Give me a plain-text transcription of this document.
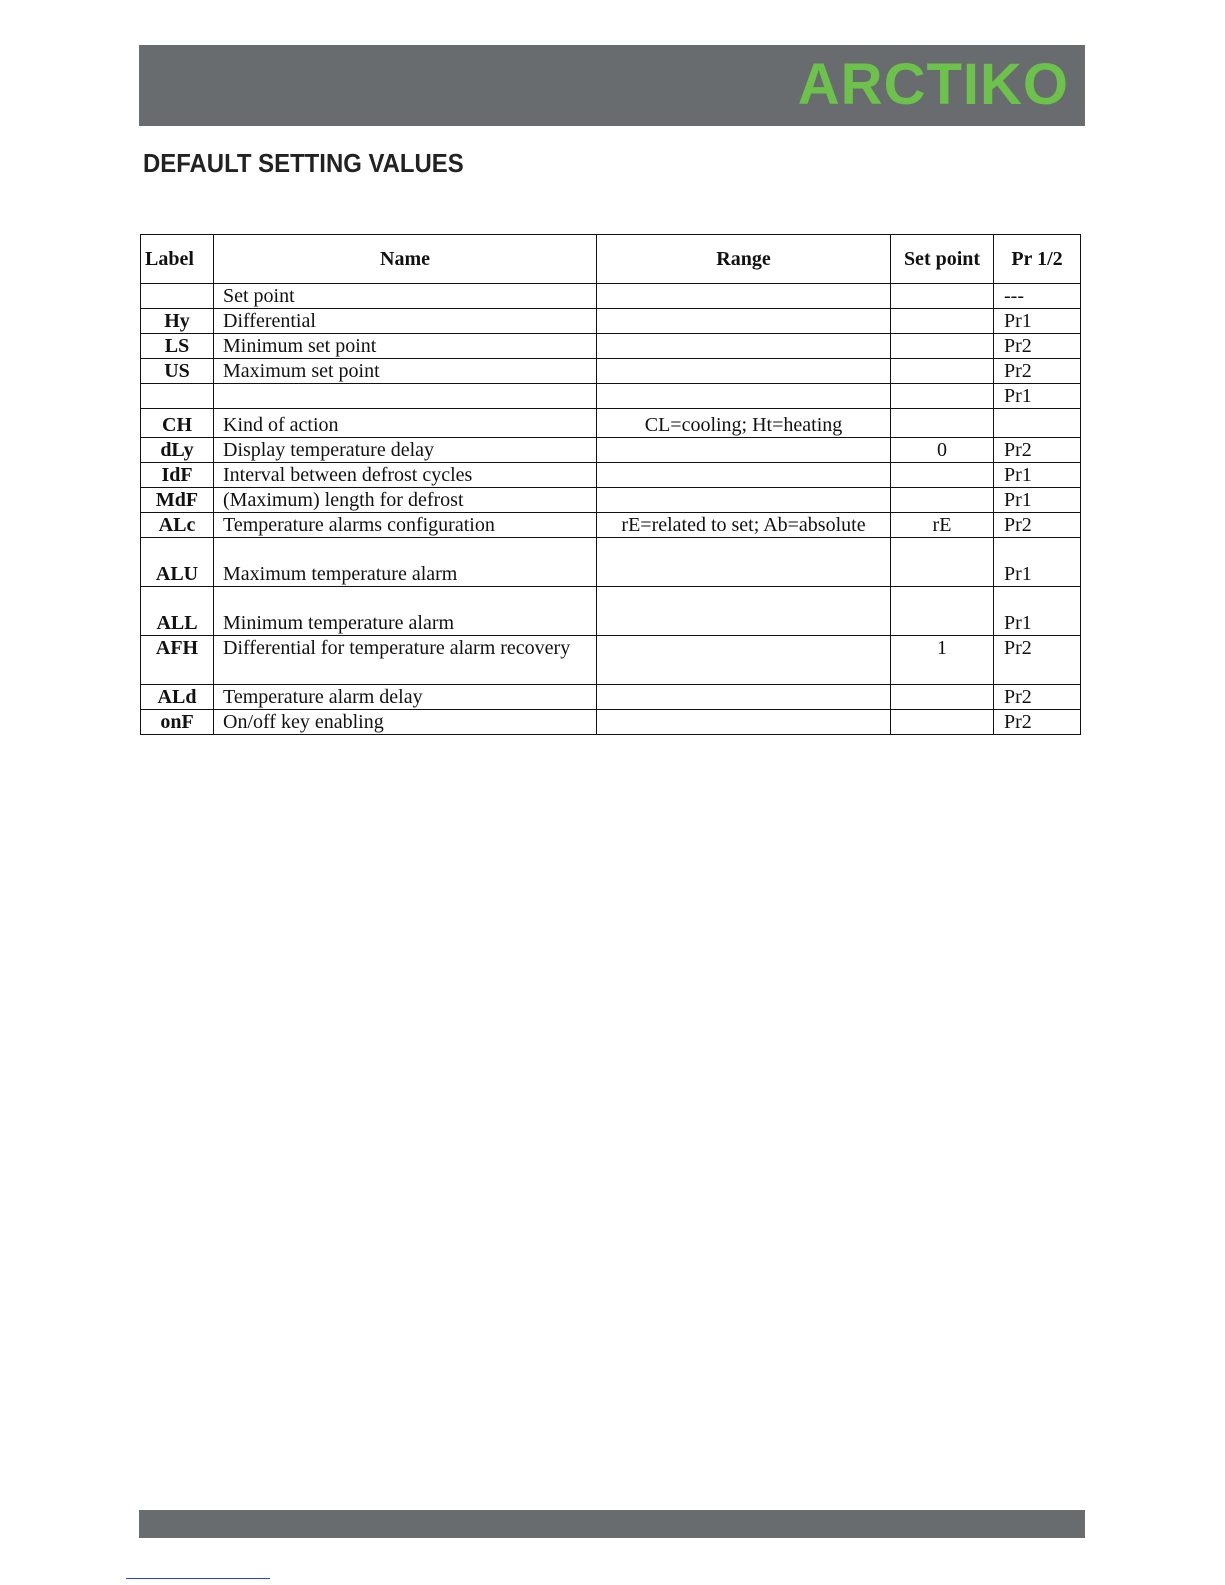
ARCTIKO
DEFAULT SETTING VALUES
Label	Name	Range	Set point	Pr 1/2
	Set point			---
Hy	Differential			Pr1
LS	Minimum set point			Pr2
US	Maximum set point			Pr2
				Pr1
CH	Kind of action	CL=cooling; Ht=heating		
dLy	Display temperature delay		0	Pr2
IdF	Interval between defrost cycles			Pr1
MdF	(Maximum) length for defrost			Pr1
ALc	Temperature alarms configuration	rE=related to set; Ab=absolute	rE	Pr2
ALU	Maximum temperature alarm			Pr1
ALL	Minimum temperature alarm			Pr1
AFH	Differential for temperature alarm recovery		1	Pr2
ALd	Temperature alarm delay			Pr2
onF	On/off key enabling			Pr2
